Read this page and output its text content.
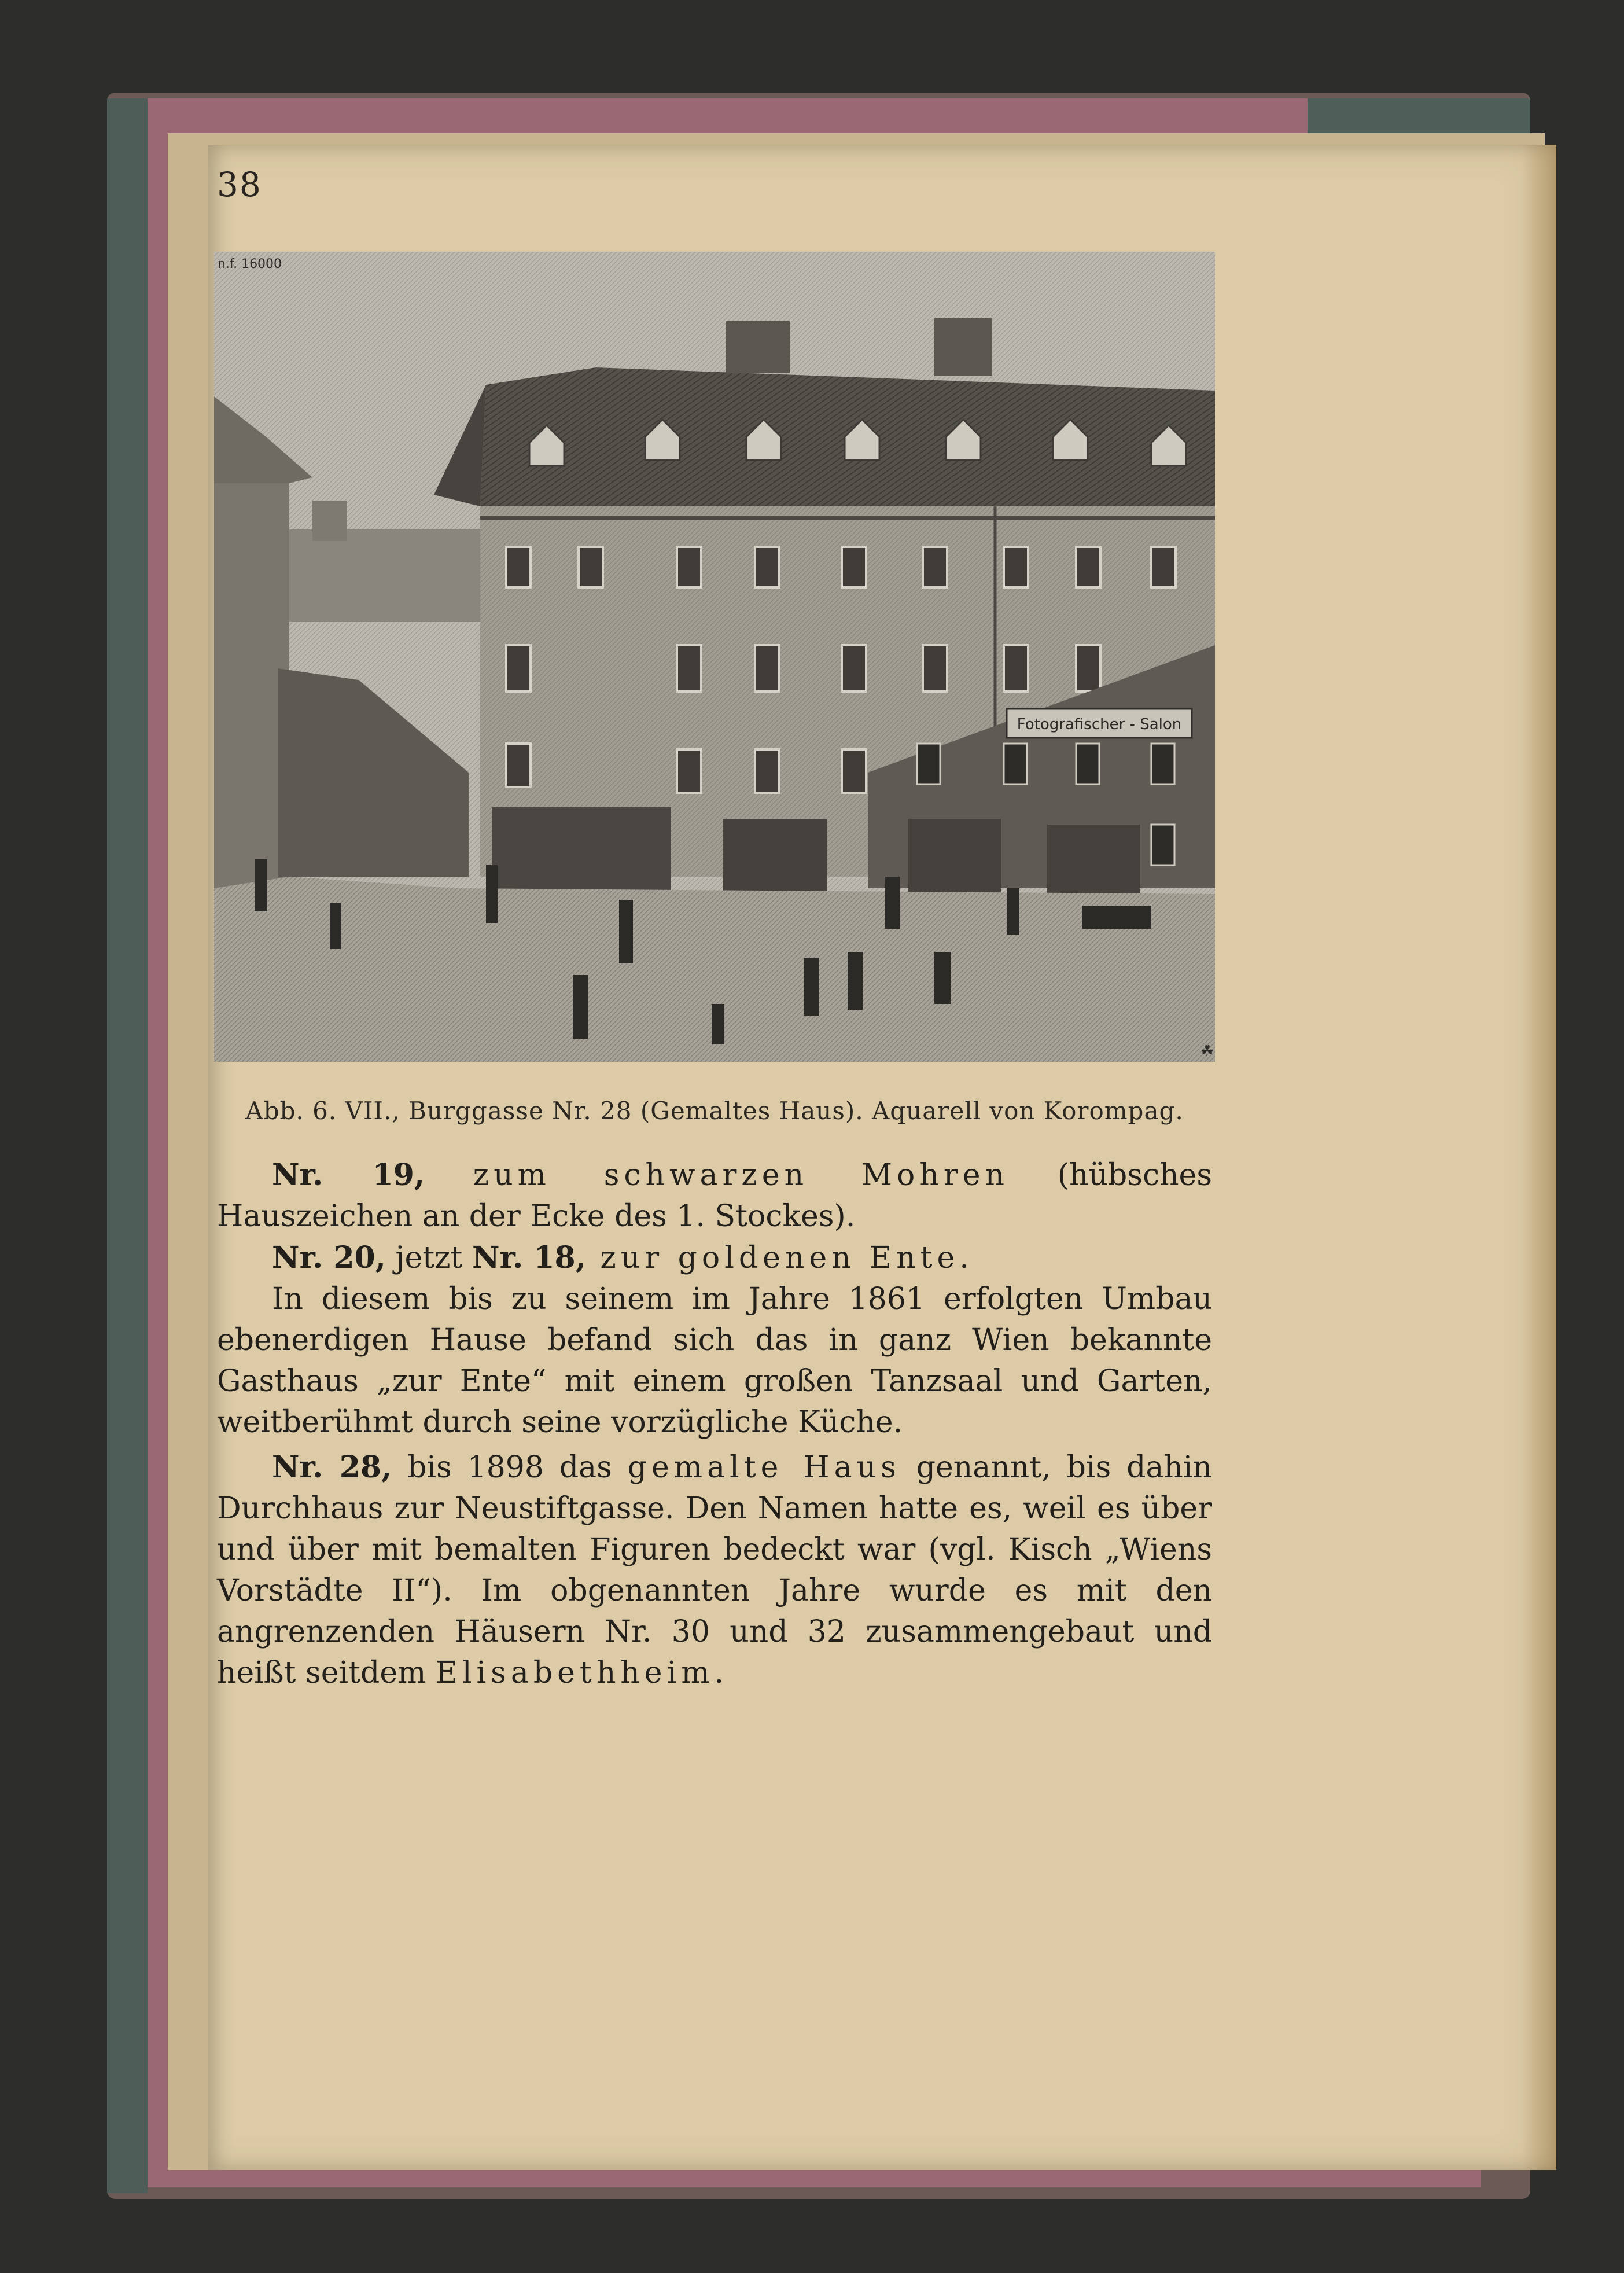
38
Fotografischer - Salon
n.f. 16000
☘
Abb. 6. VII., Burggasse Nr. 28 (Gemaltes Haus). Aquarell von Korompag.

Nr. 19, zum schwarzen Mohren (hübsches Hauszeichen an der Ecke des 1. Stockes).

Nr. 20, jetzt Nr. 18, zur goldenen Ente.

In diesem bis zu seinem im Jahre 1861 erfolgten Umbau ebenerdigen Hause befand sich das in ganz Wien bekannte Gasthaus „zur Ente“ mit einem großen Tanzsaal und Garten, weitberühmt durch seine vorzügliche Küche.

Nr. 28, bis 1898 das gemalte Haus genannt, bis dahin Durchhaus zur Neustiftgasse. Den Namen hatte es, weil es über und über mit bemalten Figuren bedeckt war (vgl. Kisch „Wiens Vorstädte II“). Im obgenannten Jahre wurde es mit den angrenzenden Häusern Nr. 30 und 32 zusammengebaut und heißt seitdem Elisabethheim.
